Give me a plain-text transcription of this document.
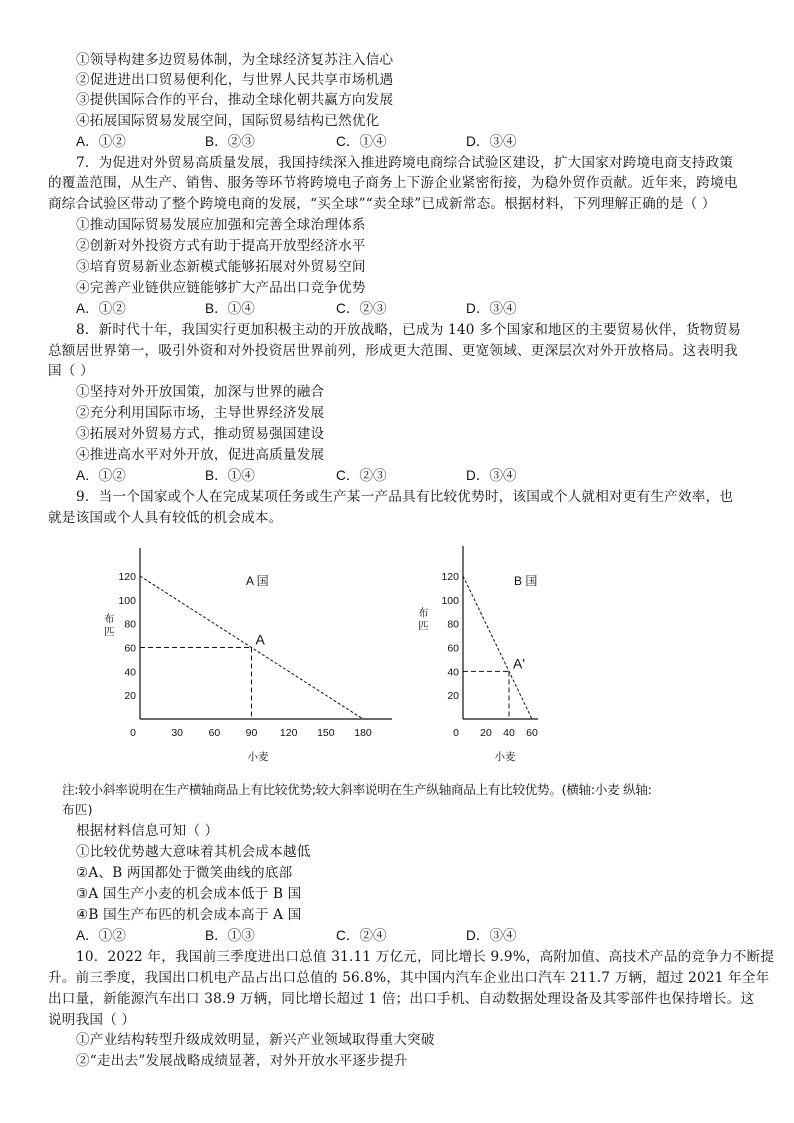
①领导构建多边贸易体制，为全球经济复苏注入信心
②促进进出口贸易便利化，与世界人民共享市场机遇
③提供国际合作的平台，推动全球化朝共赢方向发展
④拓展国际贸易发展空间，国际贸易结构已然优化
A．①②	B．②③	C．①④	D．③④
7．为促进对外贸易高质量发展，我国持续深入推进跨境电商综合试验区建设，扩大国家对跨境电商支持政策
的覆盖范围，从生产、销售、服务等环节将跨境电子商务上下游企业紧密衔接，为稳外贸作贡献。近年来，跨境电
商综合试验区带动了整个跨境电商的发展，“买全球”“卖全球”已成新常态。根据材料，下列理解正确的是（ ）
①推动国际贸易发展应加强和完善全球治理体系
②创新对外投资方式有助于提高开放型经济水平
③培育贸易新业态新模式能够拓展对外贸易空间
④完善产业链供应链能够扩大产品出口竞争优势
A．①②	B．①④	C．②③	D．③④
8．新时代十年，我国实行更加积极主动的开放战略，已成为 140 多个国家和地区的主要贸易伙伴，货物贸易
总额居世界第一，吸引外资和对外投资居世界前列，形成更大范围、更宽领域、更深层次对外开放格局。这表明我
国（ ）
①坚持对外开放国策，加深与世界的融合
②充分利用国际市场，主导世界经济发展
③拓展对外贸易方式，推动贸易强国建设
④推进高水平对外开放，促进高质量发展
A．①②	B．①④	C．②③	D．③④
9．当一个国家或个人在完成某项任务或生产某一产品具有比较优势时，该国或个人就相对更有生产效率，也
就是该国或个人具有较低的机会成本。
20
40
60
80
100
120
0	30 60 90 120 150 180
A
A 国
布匹
小麦
20
40
60
80
100
120
0 20 40 60
A'
B 国
布匹
小麦
注:较小斜率说明在生产横轴商品上有比较优势;较大斜率说明在生产纵轴商品上有比较优势。(横轴:小麦 纵轴:
布匹)
根据材料信息可知（ ）
①比较优势越大意味着其机会成本越低
②A、B 两国都处于微笑曲线的底部
③A 国生产小麦的机会成本低于 B 国
④B 国生产布匹的机会成本高于 A 国
A．①②	B．①③	C．②④	D．③④
10．2022 年，我国前三季度进出口总值 31.11 万亿元，同比增长 9.9%，高附加值、高技术产品的竞争力不断提
升。前三季度，我国出口机电产品占出口总值的 56.8%，其中国内汽车企业出口汽车 211.7 万辆，超过 2021 年全年
出口量，新能源汽车出口 38.9 万辆，同比增长超过 1 倍；出口手机、自动数据处理设备及其零部件也保持增长。这
说明我国（ ）
①产业结构转型升级成效明显，新兴产业领域取得重大突破
②“走出去”发展战略成绩显著，对外开放水平逐步提升
